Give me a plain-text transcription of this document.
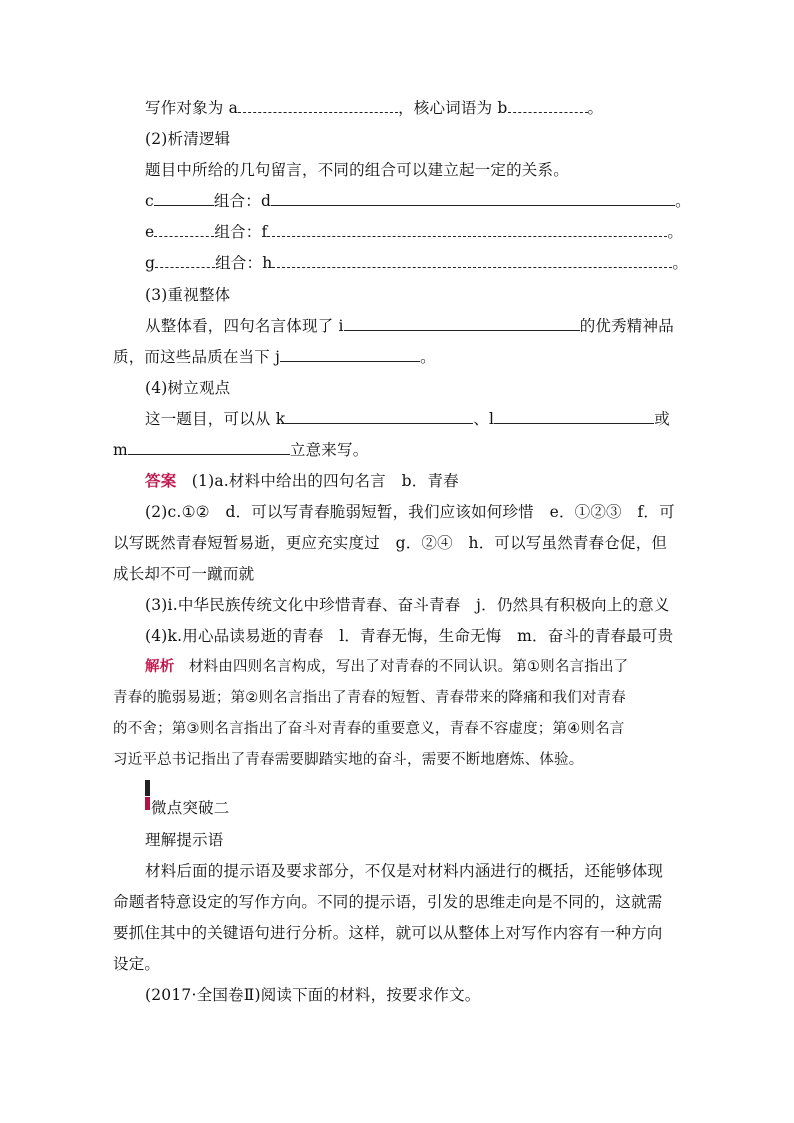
写作对象为 a	，核心词语为 b	。
(2)析清逻辑
题目中所给的几句留言，不同的组合可以建立起一定的关系。
c	组合：d	。
e	组合：f	。
g	组合：h	。
(3)重视整体
从整体看，四句名言体现了 i	的优秀精神品
质，而这些品质在当下 j	。
(4)树立观点
这一题目，可以从 k	、l	或
m	立意来写。
答案 (1)a.材料中给出的四句名言　b．青春
(2)c.①②　d．可以写青春脆弱短暂，我们应该如何珍惜　e．①②③　f．可
以写既然青春短暂易逝，更应充实度过　g．②④　h．可以写虽然青春仓促，但
成长却不可一蹴而就
(3)i.中华民族传统文化中珍惜青春、奋斗青春　j．仍然具有积极向上的意义
(4)k.用心品读易逝的青春　l．青春无悔，生命无悔　m．奋斗的青春最可贵
解析 材料由四则名言构成，写出了对青春的不同认识。第①则名言指出了
青春的脆弱易逝；第②则名言指出了青春的短暂、青春带来的降痛和我们对青春
的不舍；第③则名言指出了奋斗对青春的重要意义，青春不容虚度；第④则名言
习近平总书记指出了青春需要脚踏实地的奋斗，需要不断地磨炼、体验。
微点突破二
理解提示语
材料后面的提示语及要求部分，不仅是对材料内涵进行的概括，还能够体现
命题者特意设定的写作方向。不同的提示语，引发的思维走向是不同的，这就需
要抓住其中的关键语句进行分析。这样，就可以从整体上对写作内容有一种方向
设定。
(2017·全国卷Ⅱ)阅读下面的材料，按要求作文。
